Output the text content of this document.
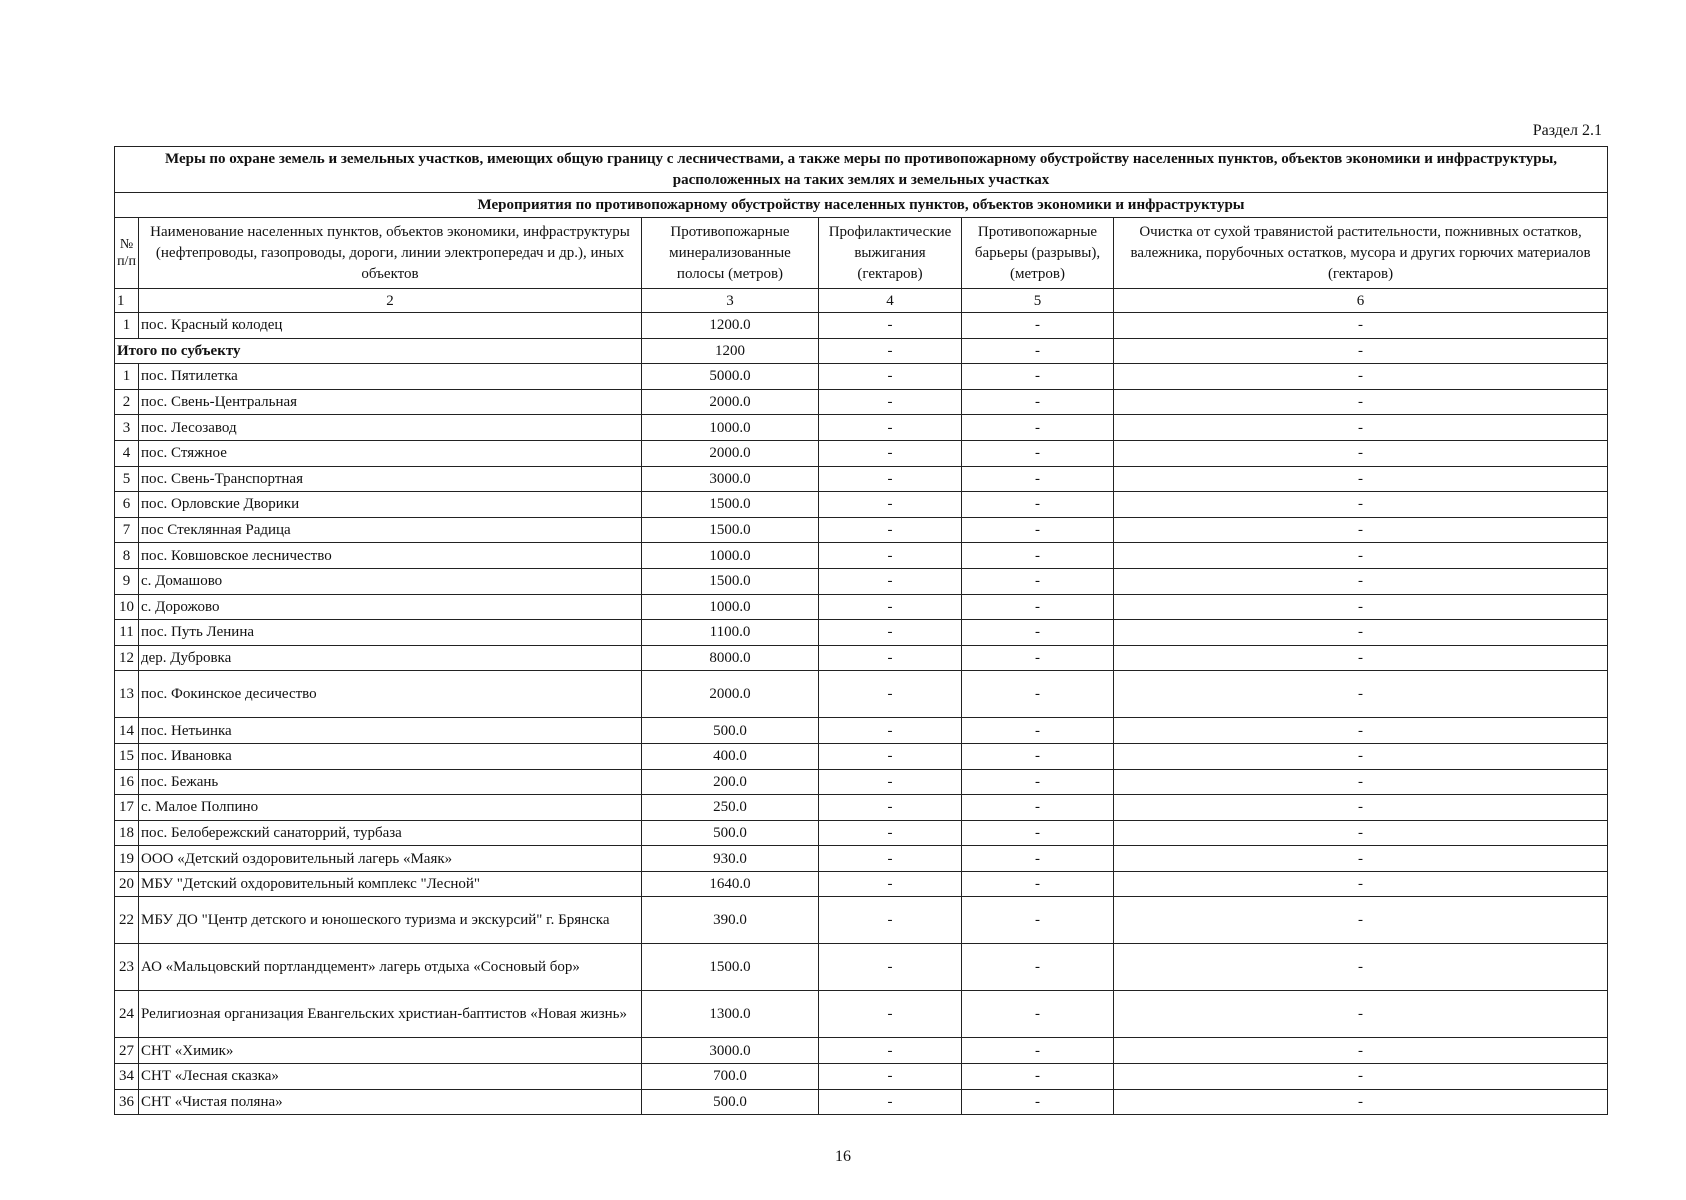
Раздел 2.1
Меры по охране земель и земельных участков, имеющих общую границу с лесничествами, а также меры по противопожарному обустройству населенных пунктов, объектов экономики и инфраструктуры, расположенных на таких землях и земельных участках					
Мероприятия по противопожарному обустройству населенных пунктов, объектов экономики и инфраструктуры					
№ п/п	Наименование населенных пунктов, объектов экономики, инфраструктуры (нефтепроводы, газопроводы, дороги, линии электропередач и др.), иных объектов	Противопожарные минерализованные полосы (метров)	Профилактические выжигания (гектаров)	Противопожарные барьеры (разрывы), (метров)	Очистка от сухой травянистой растительности, пожнивных остатков, валежника, порубочных остатков, мусора и других горючих материалов (гектаров)
1	2	3	4	5	6
1	пос. Красный колодец	1200.0	-	-	-
Итого по субъекту		1200	-	-	-
1	пос. Пятилетка	5000.0	-	-	-
2	пос. Свень-Центральная	2000.0	-	-	-
3	пос. Лесозавод	1000.0	-	-	-
4	пос. Стяжное	2000.0	-	-	-
5	пос. Свень-Транспортная	3000.0	-	-	-
6	пос. Орловские Дворики	1500.0	-	-	-
7	пос Стеклянная Радица	1500.0	-	-	-
8	пос. Ковшовское лесничество	1000.0	-	-	-
9	с. Домашово	1500.0	-	-	-
10	с. Дорожово	1000.0	-	-	-
11	пос. Путь Ленина	1100.0	-	-	-
12	дер. Дубровка	8000.0	-	-	-
13	пос. Фокинское десичество	2000.0	-	-	-
14	пос. Нетьинка	500.0	-	-	-
15	пос. Ивановка	400.0	-	-	-
16	пос. Бежань	200.0	-	-	-
17	с. Малое Полпино	250.0	-	-	-
18	пос. Белобережский санаторрий, турбаза	500.0	-	-	-
19	ООО «Детский оздоровительный лагерь «Маяк»	930.0	-	-	-
20	МБУ "Детский охдоровительный комплекс "Лесной"	1640.0	-	-	-
22	МБУ ДО "Центр детского и юношеского туризма и экскурсий" г. Брянска	390.0	-	-	-
23	АО «Мальцовский портландцемент» лагерь отдыха «Сосновый бор»	1500.0	-	-	-
24	Религиозная организация Евангельских христиан-баптистов «Новая жизнь»	1300.0	-	-	-
27	СНТ «Химик»	3000.0	-	-	-
34	СНТ «Лесная сказка»	700.0	-	-	-
36	СНТ «Чистая поляна»	500.0	-	-	-
16
